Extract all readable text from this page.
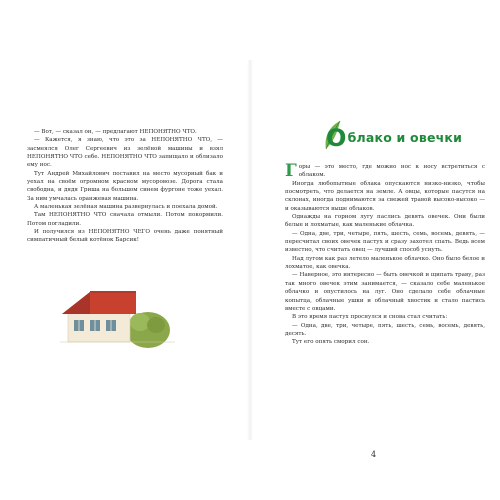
— Вот, — сказал он, — предлагают НЕПОНЯТНО ЧТО.

— Кажется, я знаю, что это за НЕПОНЯТНО ЧТО, — засмеялся Олег Сергеевич из зелёной машины и взял НЕПОНЯТНО ЧТО себе. НЕПОНЯТНО ЧТО запищало и облизало ему нос.

Тут Андрей Михайлович поставил на место мусорный бак и уехал на своём огромном красном мусоровозе. Дорога стала свободна, и дядя Гриша на большом синем фургоне тоже уехал. За ним умчалась оранжевая машина.

А маленькая зелёная машина развернулась и поехала домой.

Там НЕПОНЯТНО ЧТО сначала отмыли. Потом покормили. Потом погладили.

И получился из НЕПОНЯТНО ЧЕГО очень даже понятный симпатичный белый котёнок Барсик!

Облако и овечки

Горы — это место, где можно нос к носу встретиться с облаком.

Иногда любопытные облака опускаются низко-низко, чтобы посмотреть, что делается на земле. А овцы, которые пасутся на склонах, иногда поднимаются за свежей травой высоко-высоко — и оказываются выше облаков.

Однажды на горном лугу паслись девять овечек. Они были белые и лохматые, как маленькие облачка.

— Одна, две, три, четыре, пять, шесть, семь, восемь, девять, — пересчитал своих овечек пастух и сразу захотел спать. Ведь всем известно, что считать овец — лучший способ уснуть.

Над лугом как раз летело маленькое облачко. Оно было белое и лохматое, как овечка.

— Наверное, это интересно — быть овечкой и щипать траву, раз так много овечек этим занимается, — сказало себе маленькое облачко и опустилось на луг. Оно сделало себе облачные копытца, облачные ушки и облачный хвостик и стало пастись вместе с овцами.

В это время пастух проснулся и снова стал считать:

— Одна, две, три, четыре, пять, шесть, семь, восемь, девять, десять.

Тут его опять сморил сон.

4
